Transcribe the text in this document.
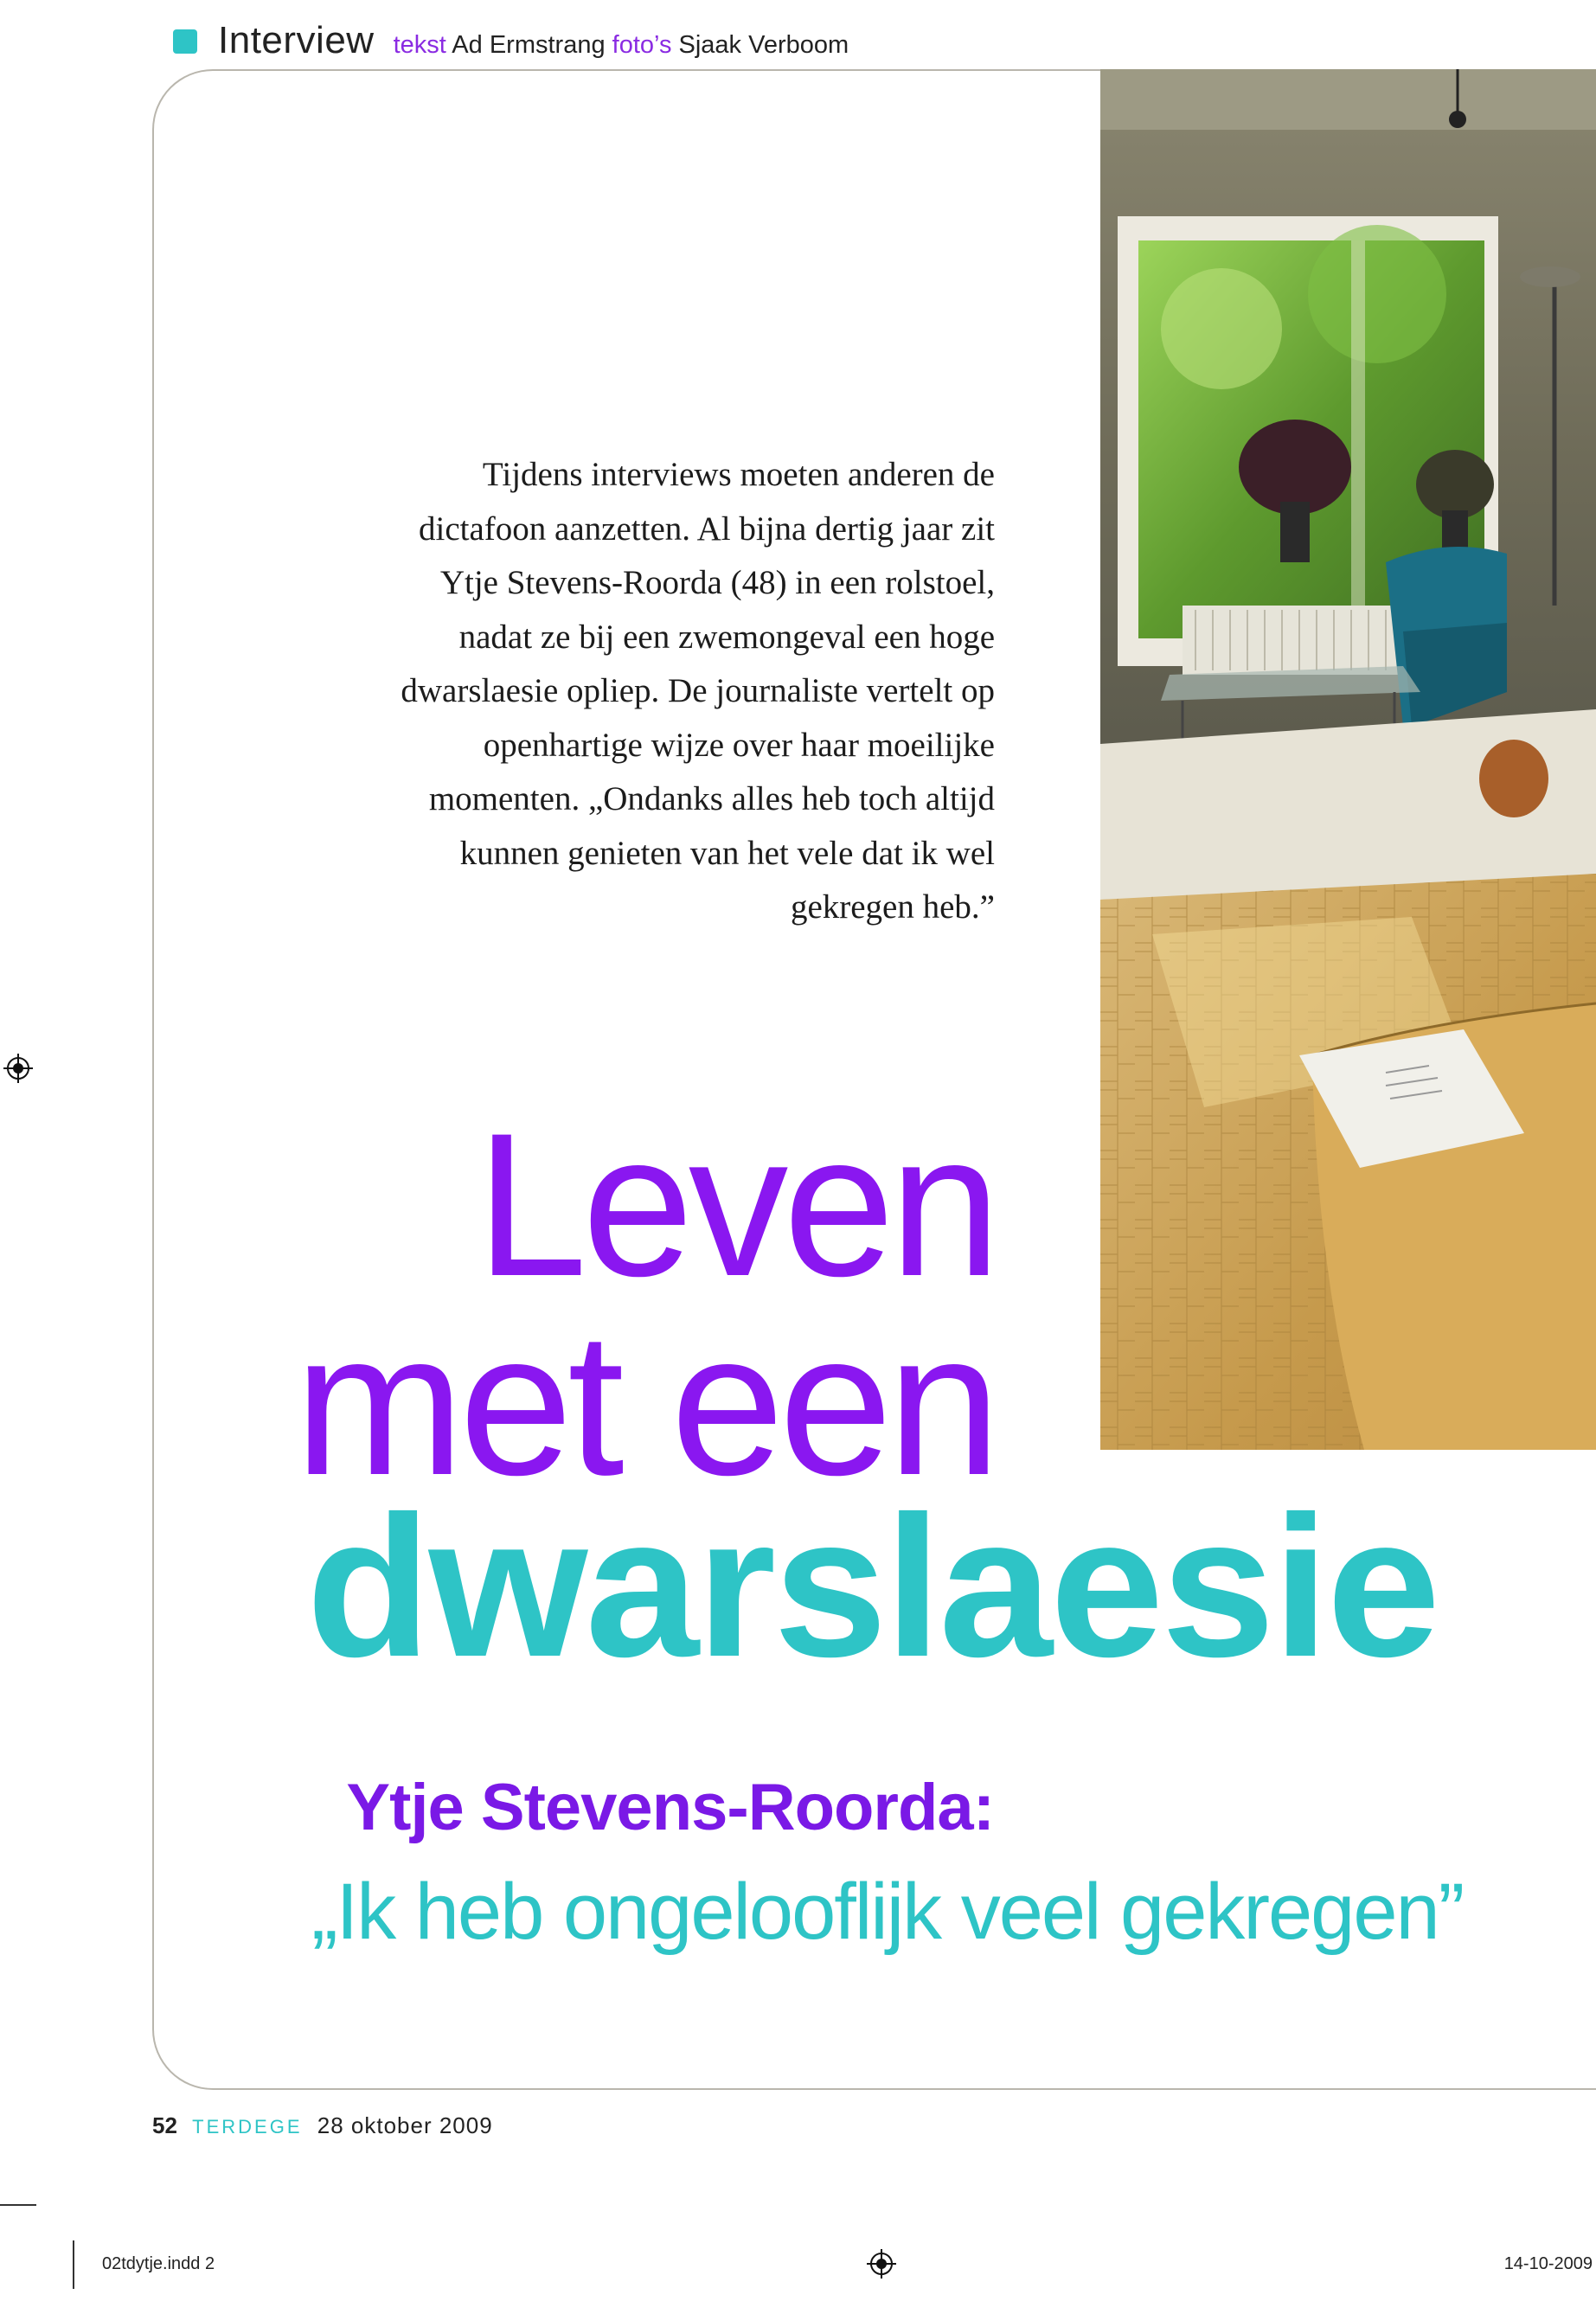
Interview tekst Ad Ermstrang foto’s Sjaak Verboom
Tijdens interviews moeten anderen de dictafoon aanzetten. Al bijna dertig jaar zit Ytje Stevens-Roorda (48) in een rolstoel, nadat ze bij een zwemongeval een hoge dwarslaesie opliep. De journaliste vertelt op openhartige wijze over haar moeilijke momenten. „Ondanks alles heb toch altijd kunnen genieten van het vele dat ik wel gekregen heb.”
Leven
met een
dwarslaesie
Ytje Stevens-Roorda:
„Ik heb ongelooflijk veel gekregen”
52 TERDEGE 28 oktober 2009
02tdytje.indd 2	14-10-2009
